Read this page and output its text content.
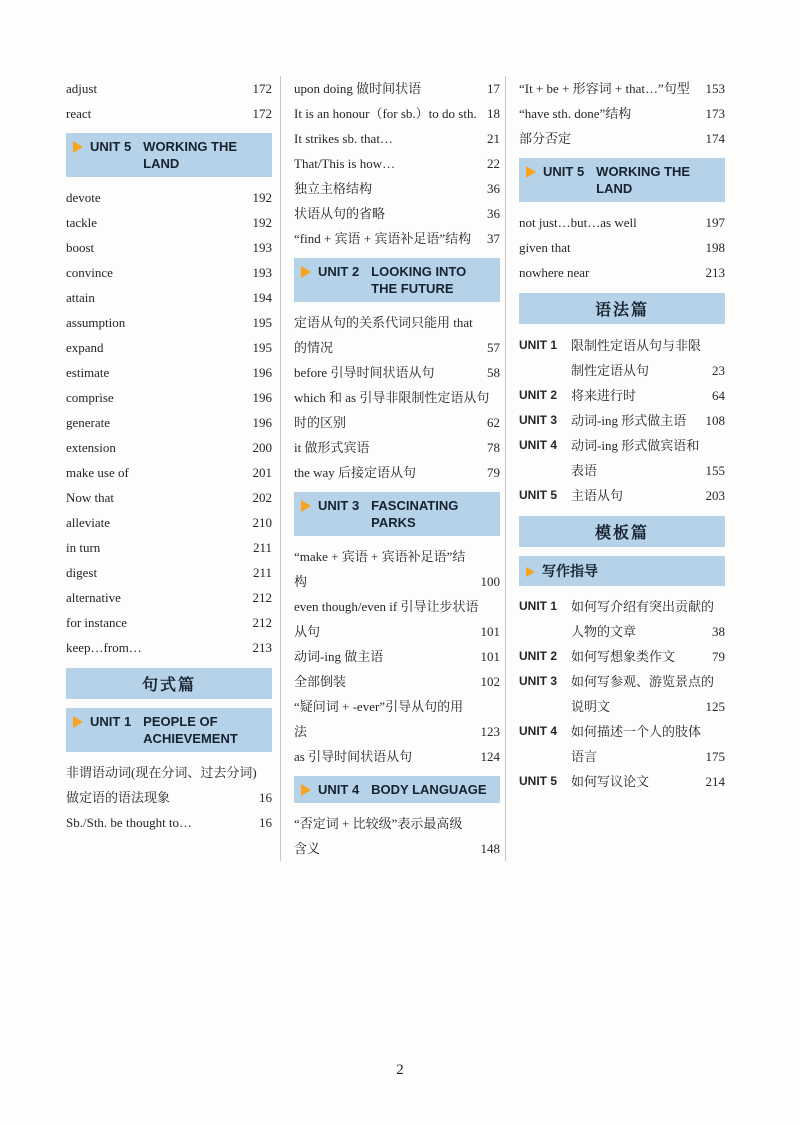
adjust	172
react	172
UNIT 5 WORKING THE LAND
devote	192
tackle	192
boost	193
convince	193
attain	194
assumption	195
expand	195
estimate	196
comprise	196
generate	196
extension	200
make use of	201
Now that	202
alleviate	210
in turn	211
digest	211
alternative	212
for instance	212
keep…from…	213
句式篇
UNIT 1 PEOPLE OF ACHIEVEMENT
非谓语动词(现在分词、过去分词)
做定语的语法现象	16
Sb./Sth. be thought to…	16
upon doing 做时间状语	17
It is an honour（for sb.）to do sth. 18
It strikes sb. that…	21
That/This is how…	22
独立主格结构	36
状语从句的省略	36
“find + 宾语 + 宾语补足语”结构	37
UNIT 2 LOOKING INTO THE FUTURE
定语从句的关系代词只能用 that
的情况	57
before 引导时间状语从句	58
which 和 as 引导非限制性定语从句
时的区别	62
it 做形式宾语	78
the way 后接定语从句	79
UNIT 3 FASCINATING PARKS
“make + 宾语 + 宾语补足语”结构	100
even though/even if 引导让步状语
从句	101
动词-ing 做主语	101
全部倒装	102
“疑问词 + -ever”引导从句的用法	123
as 引导时间状语从句	124
UNIT 4 BODY LANGUAGE
“否定词 + 比较级”表示最高级
含义	148
“It + be + 形容词 + that…”句型	153
“have sth. done”结构	173
部分否定	174
UNIT 5 WORKING THE LAND
not just…but…as well	197
given that	198
nowhere near	213
语法篇
UNIT 1	限制性定语从句与非限
制性定语从句	23
UNIT 2	将来进行时	64
UNIT 3	动词-ing 形式做主语	108
UNIT 4	动词-ing 形式做宾语和
表语	155
UNIT 5	主语从句	203
模板篇
写作指导
UNIT 1	如何写介绍有突出贡献的
人物的文章	38
UNIT 2	如何写想象类作文	79
UNIT 3	如何写参观、游览景点的
说明文	125
UNIT 4	如何描述一个人的肢体
语言	175
UNIT 5	如何写议论文	214
2
